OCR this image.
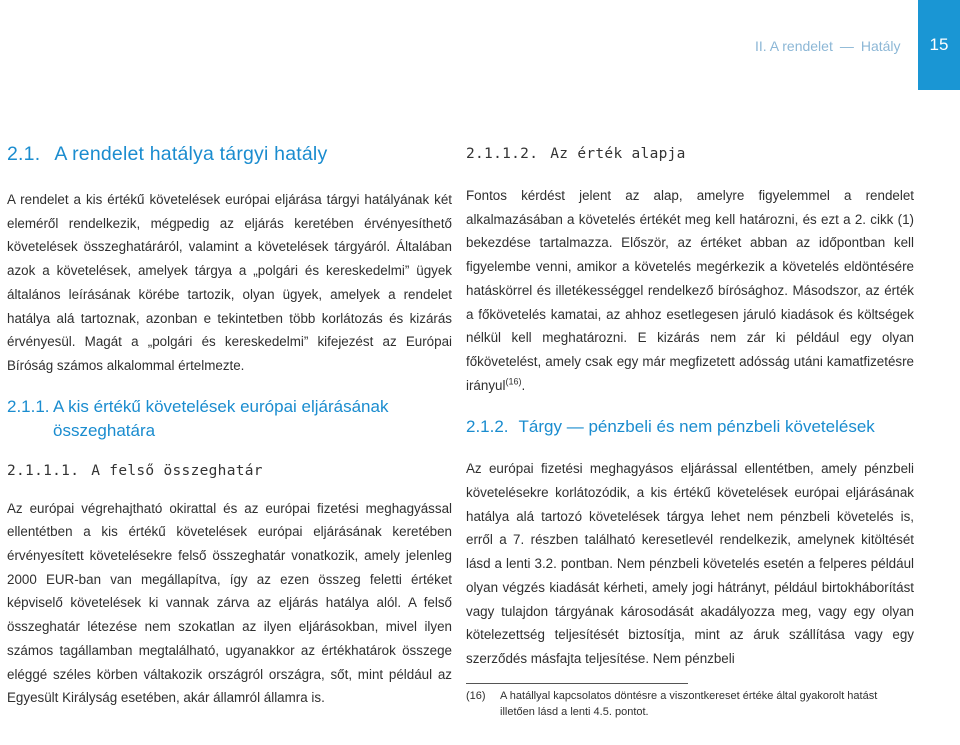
II. A rendelet — Hatály	15
2.1. A rendelet hatálya tárgyi hatály

A rendelet a kis értékű követelések európai eljárása tárgyi hatályának két eleméről rendelkezik, mégpedig az eljárás keretében érvényesíthető követelések összeghatáráról, valamint a követelések tárgyáról. Általában azok a követelések, amelyek tárgya a „polgári és kereskedelmi” ügyek általános leírásának körébe tartozik, olyan ügyek, amelyek a rendelet hatálya alá tartoznak, azonban e tekintetben több korlátozás és kizárás érvényesül. Magát a „polgári és kereskedelmi” kifejezést az Európai Bíróság számos alkalommal értelmezte.

2.1.1. A kis értékű követelések európai eljárásának összeghatára
2.1.1.1. A felső összeghatár

Az európai végrehajtható okirattal és az európai fizetési meghagyással ellentétben a kis értékű követelések európai eljárásának keretében érvényesített követelésekre felső összeghatár vonatkozik, amely jelenleg 2000 EUR-ban van megállapítva, így az ezen összeg feletti értéket képviselő követelések ki vannak zárva az eljárás hatálya alól. A felső összeghatár létezése nem szokatlan az ilyen eljárásokban, mivel ilyen számos tagállamban megtalálható, ugyanakkor az értékhatárok összege eléggé széles körben váltakozik országról országra, sőt, mint például az Egyesült Királyság esetében, akár államról államra is.

2.1.1.2. Az érték alapja

Fontos kérdést jelent az alap, amelyre figyelemmel a rendelet alkalmazásában a követelés értékét meg kell határozni, és ezt a 2. cikk (1) bekezdése tartalmazza. Először, az értéket abban az időpontban kell figyelembe venni, amikor a követelés megérkezik a követelés eldöntésére hatáskörrel és illetékességgel rendelkező bírósághoz. Másodszor, az érték a főkövetelés kamatai, az ahhoz esetlegesen járuló kiadások és költségek nélkül kell meghatározni. E kizárás nem zár ki például egy olyan főkövetelést, amely csak egy már megfizetett adósság utáni kamatfizetésre irányul$^{(16)}$.

2.1.2. Tárgy — pénzbeli és nem pénzbeli követelések

Az európai fizetési meghagyásos eljárással ellentétben, amely pénzbeli követelésekre korlátozódik, a kis értékű követelések európai eljárásának hatálya alá tartozó követelések tárgya lehet nem pénzbeli követelés is, erről a 7. részben található keresetlevél rendelkezik, amelynek kitöltését lásd a lenti 3.2. pontban. Nem pénzbeli követelés esetén a felperes például olyan végzés kiadását kérheti, amely jogi hátrányt, például birtokháborítást vagy tulajdon tárgyának károsodását akadályozza meg, vagy egy olyan kötelezettség teljesítését biztosítja, mint az áruk szállítása vagy egy szerződés másfajta teljesítése. Nem pénzbeli

(16)	A hatállyal kapcsolatos döntésre a viszontkereset értéke által gyakorolt hatást illetően lásd a lenti 4.5. pontot.
